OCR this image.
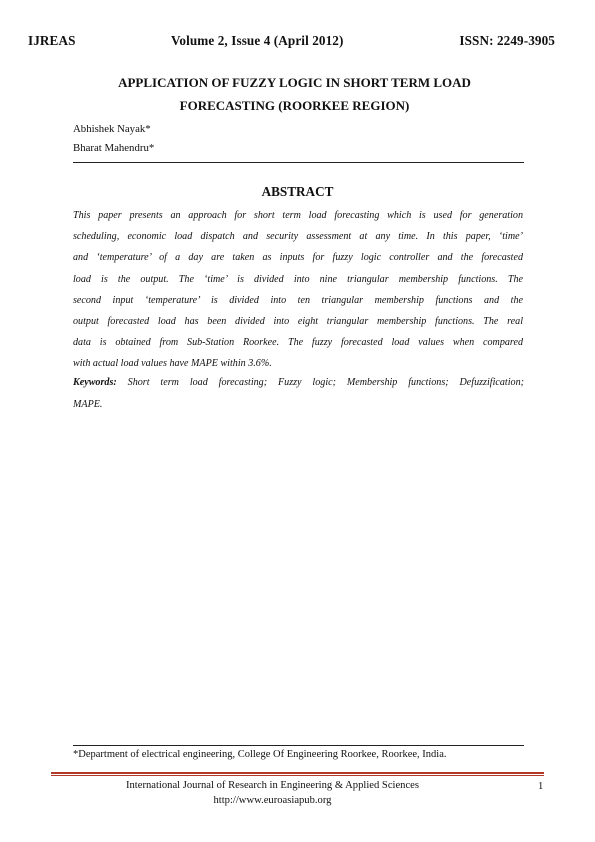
IJREAS	Volume 2, Issue 4 (April 2012)	ISSN: 2249-3905
APPLICATION OF FUZZY LOGIC IN SHORT TERM LOAD
FORECASTING (ROORKEE REGION)
Abhishek Nayak*
Bharat Mahendru*
ABSTRACT
This paper presents an approach for short term load forecasting which is used for generation
scheduling, economic load dispatch and security assessment at any time. In this paper, ‘time’
and ‘temperature’ of a day are taken as inputs for fuzzy logic controller and the forecasted
load is the output. The ‘time’ is divided into nine triangular membership functions. The
second input ‘temperature’ is divided into ten triangular membership functions and the
output forecasted load has been divided into eight triangular membership functions. The real
data is obtained from Sub-Station Roorkee. The fuzzy forecasted load values when compared
with actual load values have MAPE within 3.6%.
Keywords: Short term load forecasting; Fuzzy logic; Membership functions; Defuzzification;
MAPE.
*Department of electrical engineering, College Of Engineering Roorkee, Roorkee, India.
International Journal of Research in Engineering & Applied Sciences
http://www.euroasiapub.org
1
